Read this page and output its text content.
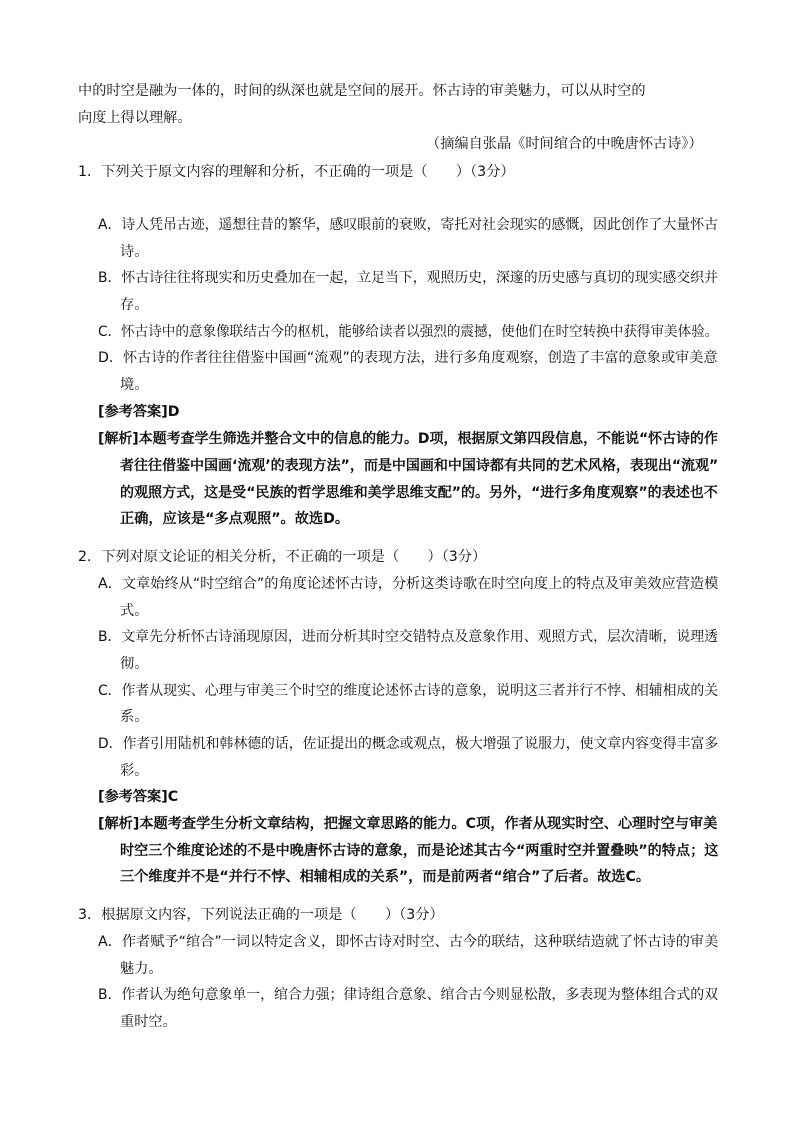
中的时空是融为一体的，时间的纵深也就是空间的展开。怀古诗的审美魅力，可以从时空的
向度上得以理解。
（摘编自张晶《时间绾合的中晚唐怀古诗》）
1．下列关于原文内容的理解和分析，不正确的一项是（　　）（3分）
A．诗人凭吊古迹，遥想往昔的繁华，感叹眼前的衰败，寄托对社会现实的感慨，因此创作了大量怀古
诗。
B．怀古诗往往将现实和历史叠加在一起，立足当下，观照历史，深邃的历史感与真切的现实感交织并
存。
C．怀古诗中的意象像联结古今的枢机，能够给读者以强烈的震撼，使他们在时空转换中获得审美体验。
D．怀古诗的作者往往借鉴中国画“流观”的表现方法，进行多角度观察，创造了丰富的意象或审美意
境。
[参考答案]D
[解析]本题考查学生筛选并整合文中的信息的能力。D项，根据原文第四段信息，不能说“怀古诗的作
者往往借鉴中国画‘流观’的表现方法”，而是中国画和中国诗都有共同的艺术风格，表现出“流观”
的观照方式，这是受“民族的哲学思维和美学思维支配”的。另外，“进行多角度观察”的表述也不
正确，应该是“多点观照”。故选D。
2．下列对原文论证的相关分析，不正确的一项是（　　）（3分）
A．文章始终从“时空绾合”的角度论述怀古诗，分析这类诗歌在时空向度上的特点及审美效应营造模
式。
B．文章先分析怀古诗涌现原因，进而分析其时空交错特点及意象作用、观照方式，层次清晰，说理透
彻。
C．作者从现实、心理与审美三个时空的维度论述怀古诗的意象，说明这三者并行不悖、相辅相成的关
系。
D．作者引用陆机和韩林德的话，佐证提出的概念或观点，极大增强了说服力，使文章内容变得丰富多
彩。
[参考答案]C
[解析]本题考查学生分析文章结构，把握文章思路的能力。C项，作者从现实时空、心理时空与审美
时空三个维度论述的不是中晚唐怀古诗的意象，而是论述其古今“两重时空并置叠映”的特点；这
三个维度并不是“并行不悖、相辅相成的关系”，而是前两者“绾合”了后者。故选C。
3．根据原文内容，下列说法正确的一项是（　　）（3分）
A．作者赋予“绾合”一词以特定含义，即怀古诗对时空、古今的联结，这种联结造就了怀古诗的审美
魅力。
B．作者认为绝句意象单一，绾合力强；律诗组合意象、绾合古今则显松散，多表现为整体组合式的双
重时空。
